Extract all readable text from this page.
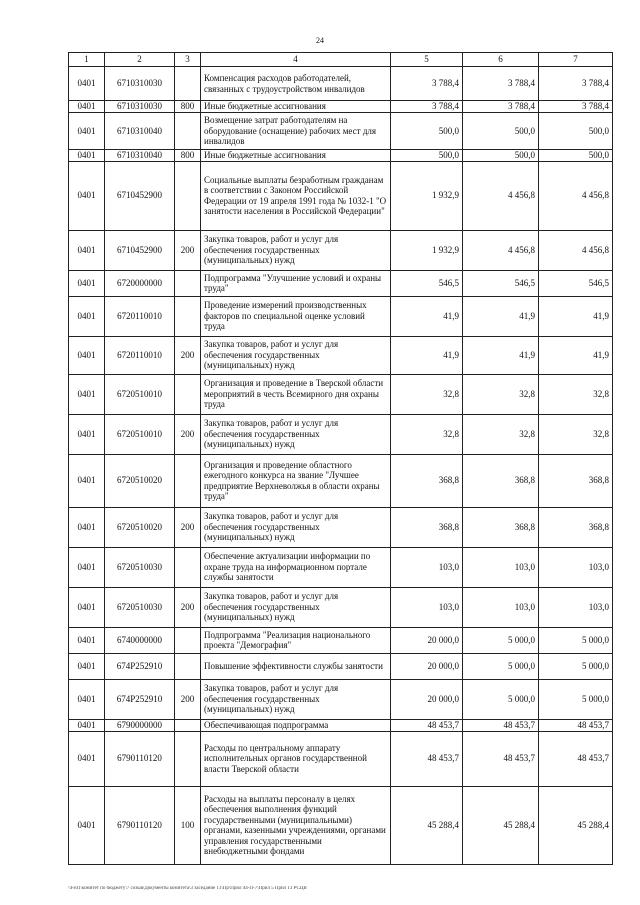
24
1	2	3	4	5	6	7
0401	6710310030		Компенсация расходов работодателей, связанных с трудоустройством инвалидов	3 788,4	3 788,4	3 788,4
0401	6710310030	800	Иные бюджетные ассигнования	3 788,4	3 788,4	3 788,4
0401	6710310040		Возмещение затрат работодателям на оборудование (оснащение) рабочих мест для инвалидов	500,0	500,0	500,0
0401	6710310040	800	Иные бюджетные ассигнования	500,0	500,0	500,0
0401	6710452900		Социальные выплаты безработным гражданам в соответствии с Законом Российской Федерации от 19 апреля 1991 года № 1032-1 "О занятости населения в Российской Федерации"	1 932,9	4 456,8	4 456,8
0401	6710452900	200	Закупка товаров, работ и услуг для обеспечения государственных (муниципальных) нужд	1 932,9	4 456,8	4 456,8
0401	6720000000		Подпрограмма "Улучшение условий и охраны труда"	546,5	546,5	546,5
0401	6720110010		Проведение измерений производственных факторов по специальной оценке условий труда	41,9	41,9	41,9
0401	6720110010	200	Закупка товаров, работ и услуг для обеспечения государственных (муниципальных) нужд	41,9	41,9	41,9
0401	6720510010		Организация и проведение в Тверской области мероприятий в честь Всемирного дня охраны труда	32,8	32,8	32,8
0401	6720510010	200	Закупка товаров, работ и услуг для обеспечения государственных (муниципальных) нужд	32,8	32,8	32,8
0401	6720510020		Организация и проведение областного ежегодного конкурса на звание "Лучшее предприятие Верхневолжья в области охраны труда"	368,8	368,8	368,8
0401	6720510020	200	Закупка товаров, работ и услуг для обеспечения государственных (муниципальных) нужд	368,8	368,8	368,8
0401	6720510030		Обеспечение актуализации информации по охране труда на информационном портале службы занятости	103,0	103,0	103,0
0401	6720510030	200	Закупка товаров, работ и услуг для обеспечения государственных (муниципальных) нужд	103,0	103,0	103,0
0401	6740000000		Подпрограмма "Реализация национального проекта "Демография"	20 000,0	5 000,0	5 000,0
0401	674P252910		Повышение эффективности службы занятости	20 000,0	5 000,0	5 000,0
0401	674P252910	200	Закупка товаров, работ и услуг для обеспечения государственных (муниципальных) нужд	20 000,0	5 000,0	5 000,0
0401	6790000000		Обеспечивающая подпрограмма	48 453,7	48 453,7	48 453,7
0401	6790110120		Расходы по центральному аппарату исполнительных органов государственной власти Тверской области	48 453,7	48 453,7	48 453,7
0401	6790110120	100	Расходы на выплаты персоналу в целях обеспечения выполнения функций государственными (муниципальными) органами, казенными учреждениями, органами управления государственными внебюджетными фондами	45 288,4	45 288,4	45 288,4
\\Fs01\комитет по бюджету\7 созыв\Документы комитета\3 заседание 11\Пр\Прил 44-П-7\Прил 5 Прил 13 РСЦВ
